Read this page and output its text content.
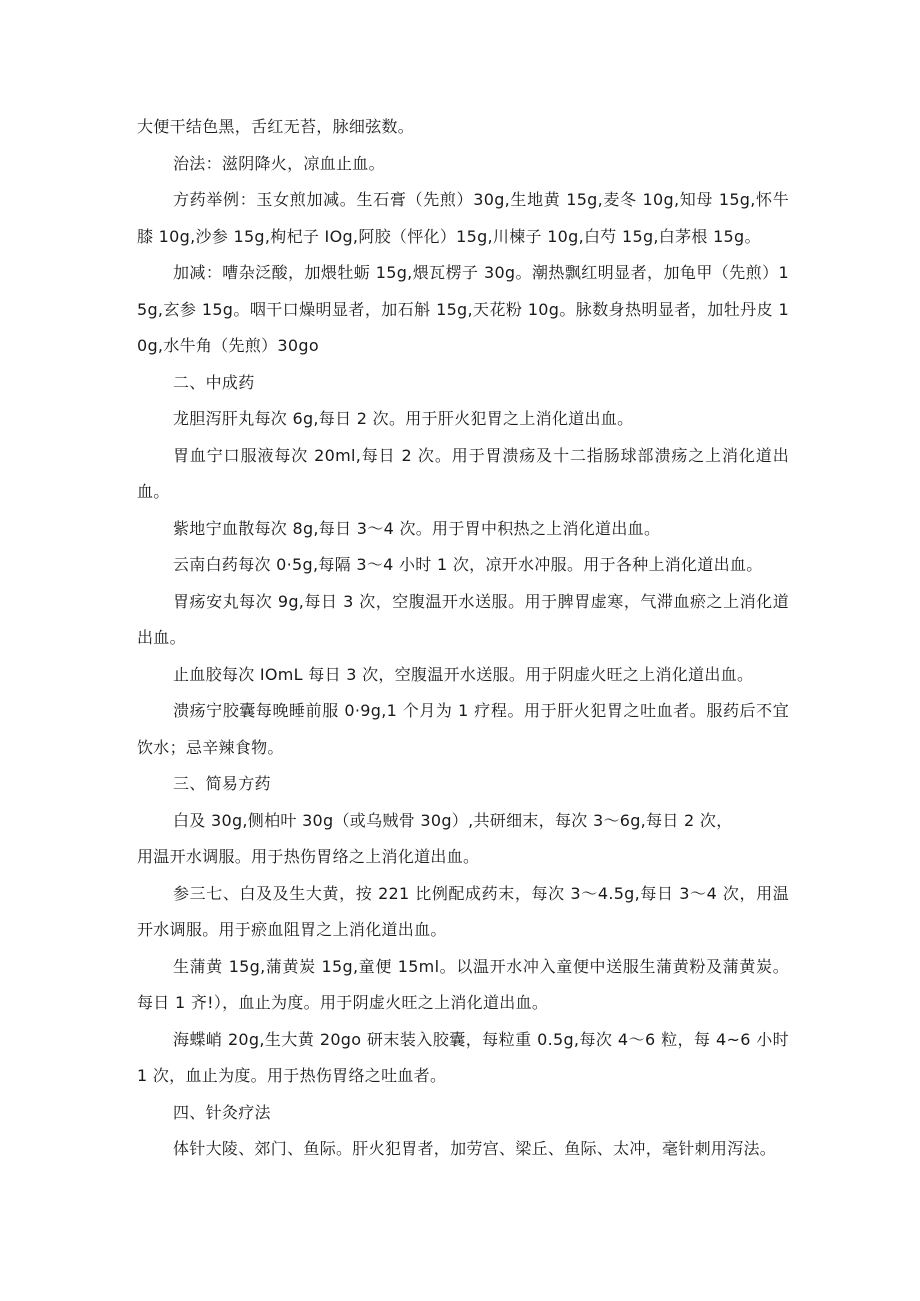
大便干结色黑，舌红无苔，脉细弦数。

治法：滋阴降火，凉血止血。

方药举例：玉女煎加减。生石膏（先煎）30g,生地黄 15g,麦冬 10g,知母 15g,怀牛膝 10g,沙参 15g,枸杞子 IOg,阿胶（怦化）15g,川楝子 10g,白芍 15g,白茅根 15g。

加减：嘈杂泛酸，加煨牡蛎 15g,煨瓦楞子 30g。潮热飘红明显者，加龟甲（先煎）15g,玄参 15g。咽干口燥明显者，加石斛 15g,天花粉 10g。脉数身热明显者，加牡丹皮 10g,水牛角（先煎）30go

二、中成药

龙胆泻肝丸每次 6g,每日 2 次。用于肝火犯胃之上消化道出血。

胃血宁口服液每次 20ml,每日 2 次。用于胃溃疡及十二指肠球部溃疡之上消化道出血。

紫地宁血散每次 8g,每日 3～4 次。用于胃中积热之上消化道出血。

云南白药每次 0·5g,每隔 3～4 小时 1 次，凉开水冲服。用于各种上消化道出血。

胃疡安丸每次 9g,每日 3 次，空腹温开水送服。用于脾胃虚寒，气滞血瘀之上消化道出血。

止血胶每次 IOmL 每日 3 次，空腹温开水送服。用于阴虚火旺之上消化道出血。

溃疡宁胶囊每晚睡前服 0·9g,1 个月为 1 疗程。用于肝火犯胃之吐血者。服药后不宜饮水；忌辛辣食物。

三、简易方药

白及 30g,侧柏叶 30g（或乌贼骨 30g）,共研细末，每次 3～6g,每日 2 次，

用温开水调服。用于热伤胃络之上消化道出血。

参三七、白及及生大黄，按 221 比例配成药末，每次 3～4.5g,每日 3～4 次，用温开水调服。用于瘀血阻胃之上消化道出血。

生蒲黄 15g,蒲黄炭 15g,童便 15ml。以温开水冲入童便中送服生蒲黄粉及蒲黄炭。每日 1 齐!），血止为度。用于阴虚火旺之上消化道出血。

海蝶峭 20g,生大黄 20go 研末装入胶囊，每粒重 0.5g,每次 4～6 粒，每 4~6 小时 1 次，血止为度。用于热伤胃络之吐血者。

四、针灸疗法

体针大陵、郊门、鱼际。肝火犯胃者，加劳宫、梁丘、鱼际、太冲，毫针刺用泻法。
